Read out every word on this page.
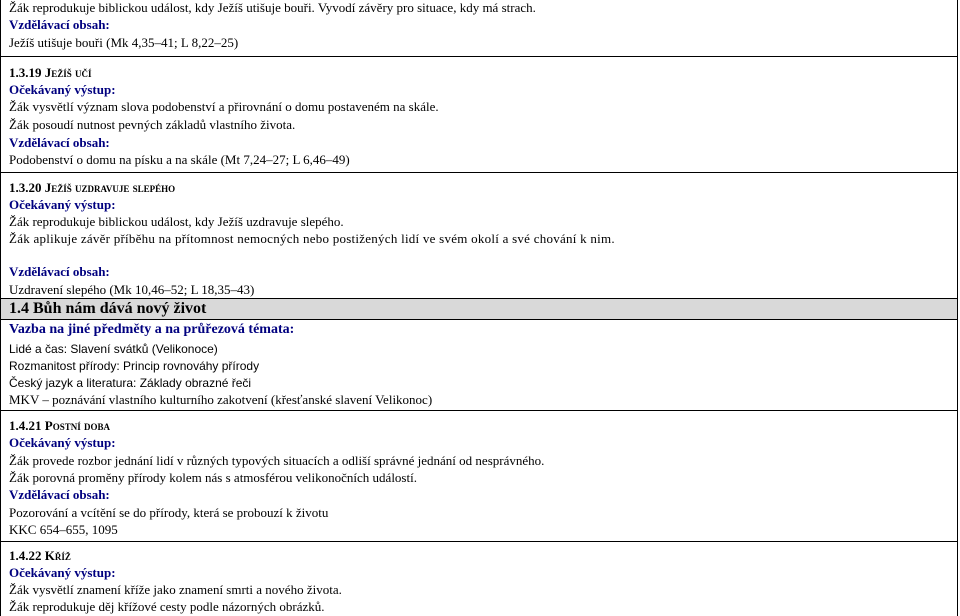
Žák reprodukuje biblickou událost, kdy Ježíš utišuje bouři. Vyvodí závěry pro situace, kdy má strach.
Vzdělávací obsah:
Ježíš utišuje bouři (Mk 4,35–41; L 8,22–25)
1.3.19 Ježíš učí
Očekávaný výstup:
Žák vysvětlí význam slova podobenství a přirovnání o domu postaveném na skále.
Žák posoudí nutnost pevných základů vlastního života.
Vzdělávací obsah:
Podobenství o domu na písku a na skále (Mt 7,24–27; L 6,46–49)
1.3.20 Ježíš uzdravuje slepého
Očekávaný výstup:
Žák reprodukuje biblickou událost, kdy Ježíš uzdravuje slepého.
Žák aplikuje závěr příběhu na přítomnost nemocných nebo postižených lidí ve svém okolí a své chování k nim.
Vzdělávací obsah:
Uzdravení slepého (Mk 10,46–52; L 18,35–43)
1.4 Bůh nám dává nový život
Vazba na jiné předměty a na průřezová témata:
Lidé a čas: Slavení svátků (Velikonoce)
Rozmanitost přírody: Princip rovnováhy přírody
Český jazyk a literatura: Základy obrazné řeči
MKV – poznávání vlastního kulturního zakotvení (křesťanské slavení Velikonoc)
1.4.21 Postní doba
Očekávaný výstup:
Žák provede rozbor jednání lidí v různých typových situacích a odliší správné jednání od nesprávného.
Žák porovná proměny přírody kolem nás s atmosférou velikonočních událostí.
Vzdělávací obsah:
Pozorování a vcítění se do přírody, která se probouzí k životu
KKC 654–655, 1095
1.4.22 Kříž
Očekávaný výstup:
Žák vysvětlí znamení kříže jako znamení smrti a nového života.
Žák reprodukuje děj křížové cesty podle názorných obrázků.
